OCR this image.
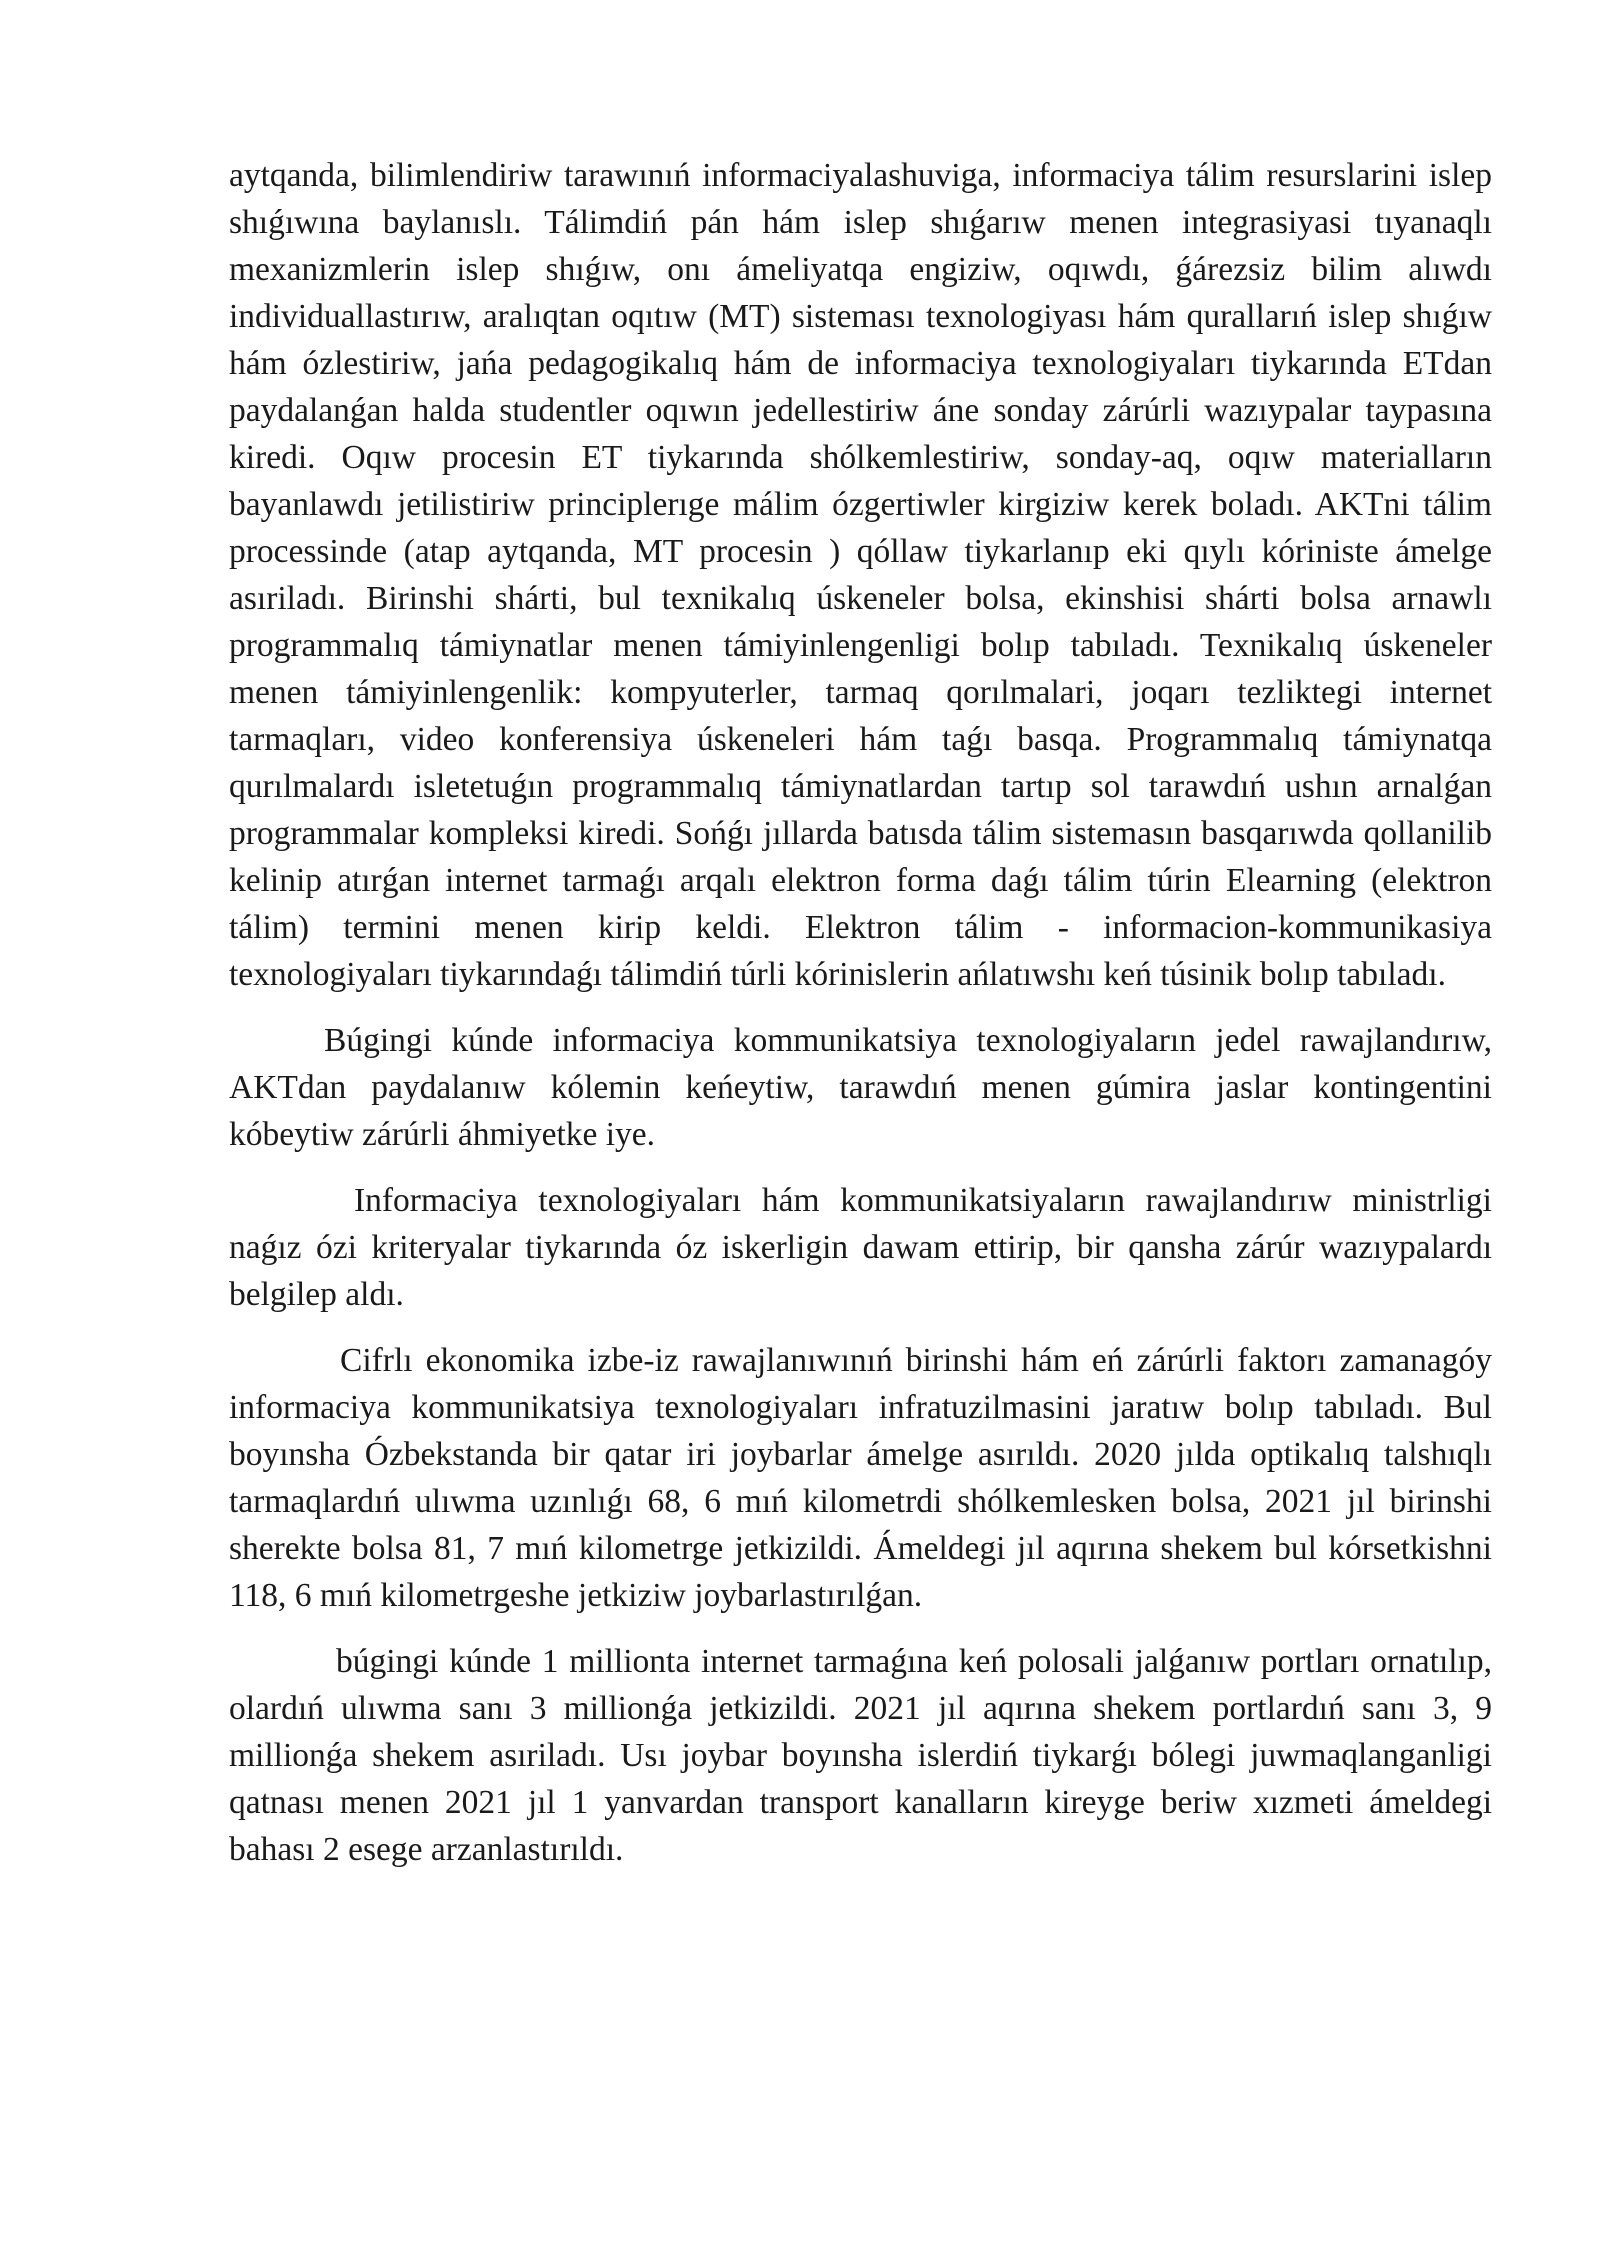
aytqanda, bilimlendiriw tarawınıń informaciyalashuviga, informaciya tálim resurslarini islep shıǵıwına baylanıslı. Tálimdiń pán hám islep shıǵarıw menen integrasiyasi tıyanaqlı mexanizmlerin islep shıǵıw, onı ámeliyatqa engiziw, oqıwdı, ǵárezsiz bilim alıwdı individuallastırıw, aralıqtan oqıtıw (MT) sisteması texnologiyası hám qurallarıń islep shıǵıw hám ózlestiriw, jańa pedagogikalıq hám de informaciya texnologiyaları tiykarında ETdan paydalanǵan halda studentler oqıwın jedellestiriw áne sonday zárúrli wazıypalar taypasına kiredi. Oqıw procesin ET tiykarında shólkemlestiriw, sonday-aq, oqıw materialların bayanlawdı jetilistiriw principlerıge málim ózgertiwler kirgiziw kerek boladı. AKTni tálim processinde (atap aytqanda, MT procesin ) qóllaw tiykarlanıp eki qıylı kóriniste ámelge asıriladı. Birinshi shárti, bul texnikalıq úskeneler bolsa, ekinshisi shárti bolsa arnawlı programmalıq támiynatlar menen támiyinlengenligi bolıp tabıladı. Texnikalıq úskeneler menen támiyinlengenlik: kompyuterler, tarmaq qorılmalari, joqarı tezliktegi internet tarmaqları, video konferensiya úskeneleri hám taǵı basqa. Programmalıq támiynatqa qurılmalardı isletetuǵın programmalıq támiynatlardan tartıp sol tarawdıń ushın arnalǵan programmalar kompleksi kiredi. Sońǵı jıllarda batısda tálim sistemasın basqarıwda qollanilib kelinip atırǵan internet tarmaǵı arqalı elektron forma daǵı tálim túrin Elearning (elektron tálim) termini menen kirip keldi. Elektron tálim - informacion-kommunikasiya texnologiyaları tiykarındaǵı tálimdiń túrli kórinislerin ańlatıwshı keń túsinik bolıp tabıladı.

Búgingi kúnde informaciya kommunikatsiya texnologiyaların jedel rawajlandırıw, AKTdan paydalanıw kólemin keńeytiw, tarawdıń menen gúmira jaslar kontingentini kóbeytiw zárúrli áhmiyetke iye.

Informaciya texnologiyaları hám kommunikatsiyaların rawajlandırıw ministrligi naǵız ózi kriteryalar tiykarında óz iskerligin dawam ettirip, bir qansha zárúr wazıypalardı belgilep aldı.

Cifrlı ekonomika izbe-iz rawajlanıwınıń birinshi hám eń zárúrli faktorı zamanagóy informaciya kommunikatsiya texnologiyaları infratuzilmasini jaratıw bolıp tabıladı. Bul boyınsha Ózbekstanda bir qatar iri joybarlar ámelge asırıldı. 2020 jılda optikalıq talshıqlı tarmaqlardıń ulıwma uzınlıǵı 68, 6 mıń kilometrdi shólkemlesken bolsa, 2021 jıl birinshi sherekte bolsa 81, 7 mıń kilometrge jetkizildi. Ámeldegi jıl aqırına shekem bul kórsetkishni 118, 6 mıń kilometrgeshe jetkiziw joybarlastırılǵan.

búgingi kúnde 1 millionta internet tarmaǵına keń polosali jalǵanıw portları ornatılıp, olardıń ulıwma sanı 3 millionǵa jetkizildi. 2021 jıl aqırına shekem portlardıń sanı 3, 9 millionǵa shekem asıriladı. Usı joybar boyınsha islerdiń tiykarǵı bólegi juwmaqlanganligi qatnası menen 2021 jıl 1 yanvardan transport kanalların kireyge beriw xızmeti ámeldegi bahası 2 esege arzanlastırıldı.
